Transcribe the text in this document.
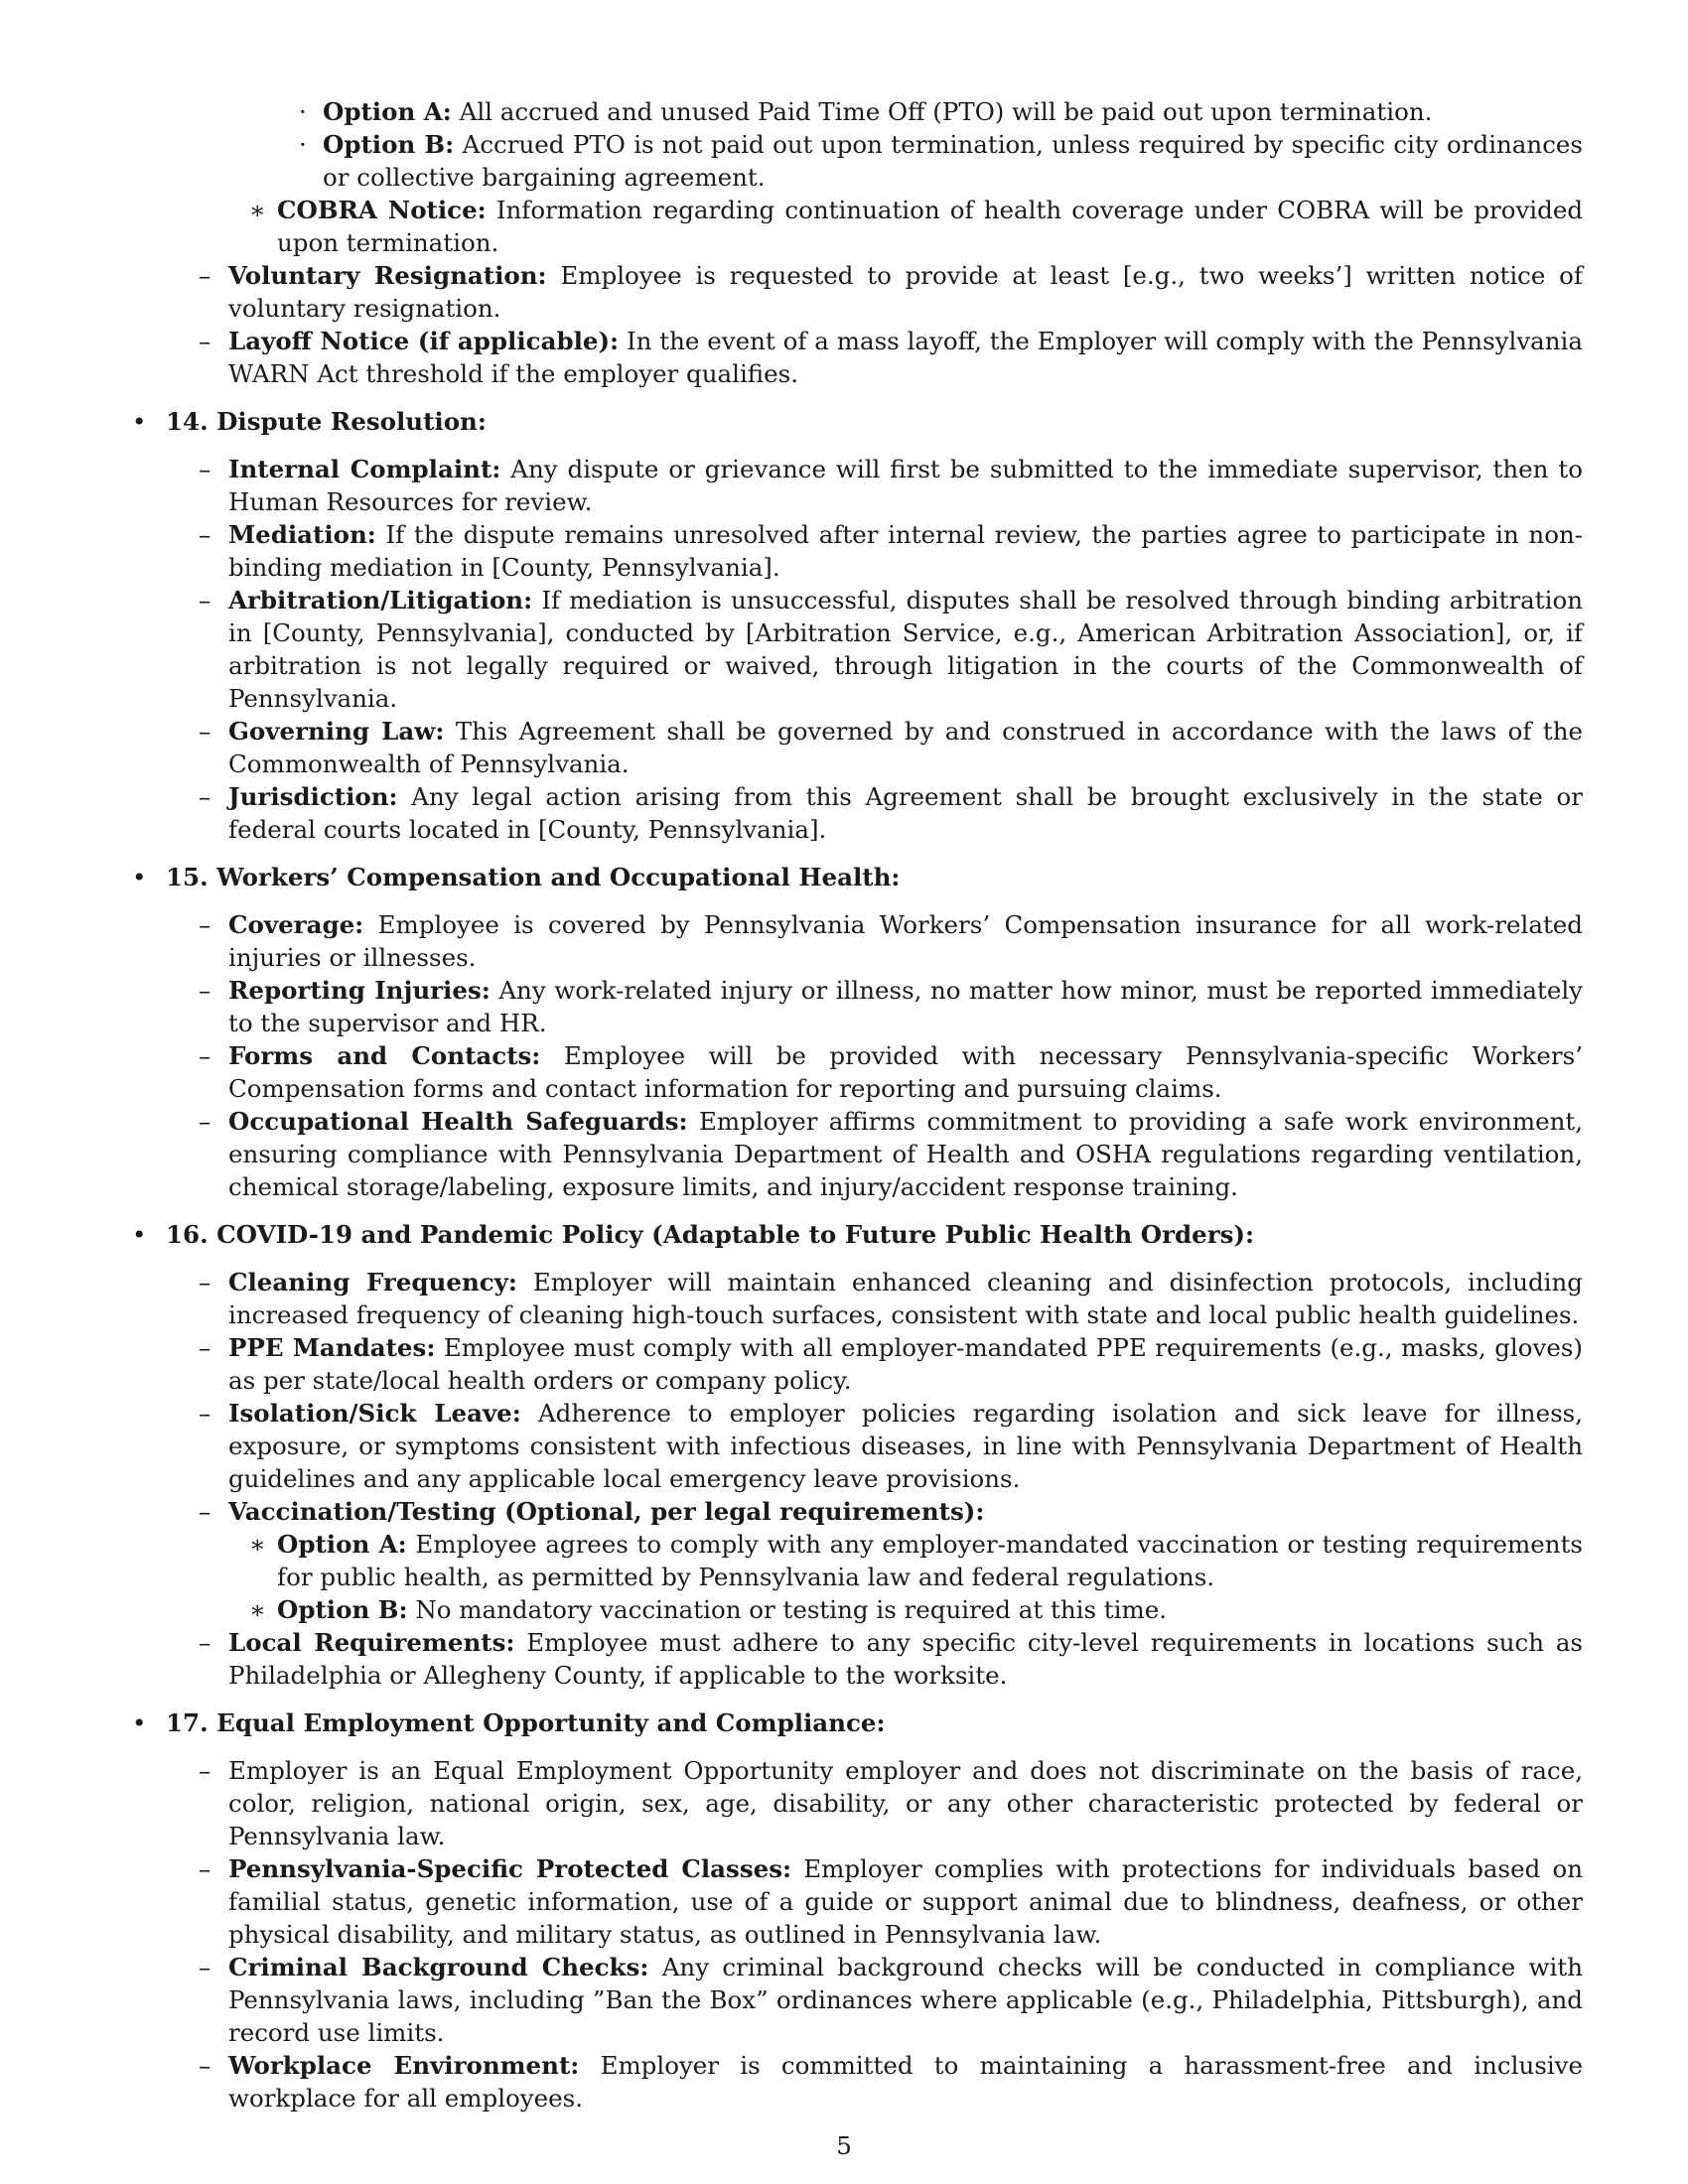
· Option A: All accrued and unused Paid Time Off (PTO) will be paid out upon termination.
· Option B: Accrued PTO is not paid out upon termination, unless required by specific city ordinances or collective bargaining agreement.
∗ COBRA Notice: Information regarding continuation of health coverage under COBRA will be provided upon termination.
– Voluntary Resignation: Employee is requested to provide at least [e.g., two weeks’] written notice of voluntary resignation.
– Layoff Notice (if applicable): In the event of a mass layoff, the Employer will comply with the Pennsylvania WARN Act threshold if the employer qualifies.
• 14. Dispute Resolution:
– Internal Complaint: Any dispute or grievance will first be submitted to the immediate supervisor, then to Human Resources for review.
– Mediation: If the dispute remains unresolved after internal review, the parties agree to participate in non-binding mediation in [County, Pennsylvania].
– Arbitration/Litigation: If mediation is unsuccessful, disputes shall be resolved through binding arbitration in [County, Pennsylvania], conducted by [Arbitration Service, e.g., American Arbitration Association], or, if arbitration is not legally required or waived, through litigation in the courts of the Commonwealth of Pennsylvania.
– Governing Law: This Agreement shall be governed by and construed in accordance with the laws of the Commonwealth of Pennsylvania.
– Jurisdiction: Any legal action arising from this Agreement shall be brought exclusively in the state or federal courts located in [County, Pennsylvania].
• 15. Workers’ Compensation and Occupational Health:
– Coverage: Employee is covered by Pennsylvania Workers’ Compensation insurance for all work-related injuries or illnesses.
– Reporting Injuries: Any work-related injury or illness, no matter how minor, must be reported immediately to the supervisor and HR.
– Forms and Contacts: Employee will be provided with necessary Pennsylvania-specific Workers’ Compensation forms and contact information for reporting and pursuing claims.
– Occupational Health Safeguards: Employer affirms commitment to providing a safe work environment, ensuring compliance with Pennsylvania Department of Health and OSHA regulations regarding ventilation, chemical storage/labeling, exposure limits, and injury/accident response training.
• 16. COVID-19 and Pandemic Policy (Adaptable to Future Public Health Orders):
– Cleaning Frequency: Employer will maintain enhanced cleaning and disinfection protocols, including increased frequency of cleaning high-touch surfaces, consistent with state and local public health guidelines.
– PPE Mandates: Employee must comply with all employer-mandated PPE requirements (e.g., masks, gloves) as per state/local health orders or company policy.
– Isolation/Sick Leave: Adherence to employer policies regarding isolation and sick leave for illness, exposure, or symptoms consistent with infectious diseases, in line with Pennsylvania Department of Health guidelines and any applicable local emergency leave provisions.
– Vaccination/Testing (Optional, per legal requirements):
∗ Option A: Employee agrees to comply with any employer-mandated vaccination or testing requirements for public health, as permitted by Pennsylvania law and federal regulations.
∗ Option B: No mandatory vaccination or testing is required at this time.
– Local Requirements: Employee must adhere to any specific city-level requirements in locations such as Philadelphia or Allegheny County, if applicable to the worksite.
• 17. Equal Employment Opportunity and Compliance:
– Employer is an Equal Employment Opportunity employer and does not discriminate on the basis of race, color, religion, national origin, sex, age, disability, or any other characteristic protected by federal or Pennsylvania law.
– Pennsylvania-Specific Protected Classes: Employer complies with protections for individuals based on familial status, genetic information, use of a guide or support animal due to blindness, deafness, or other physical disability, and military status, as outlined in Pennsylvania law.
– Criminal Background Checks: Any criminal background checks will be conducted in compliance with Pennsylvania laws, including ”Ban the Box” ordinances where applicable (e.g., Philadelphia, Pittsburgh), and record use limits.
– Workplace Environment: Employer is committed to maintaining a harassment-free and inclusive workplace for all employees.
5
